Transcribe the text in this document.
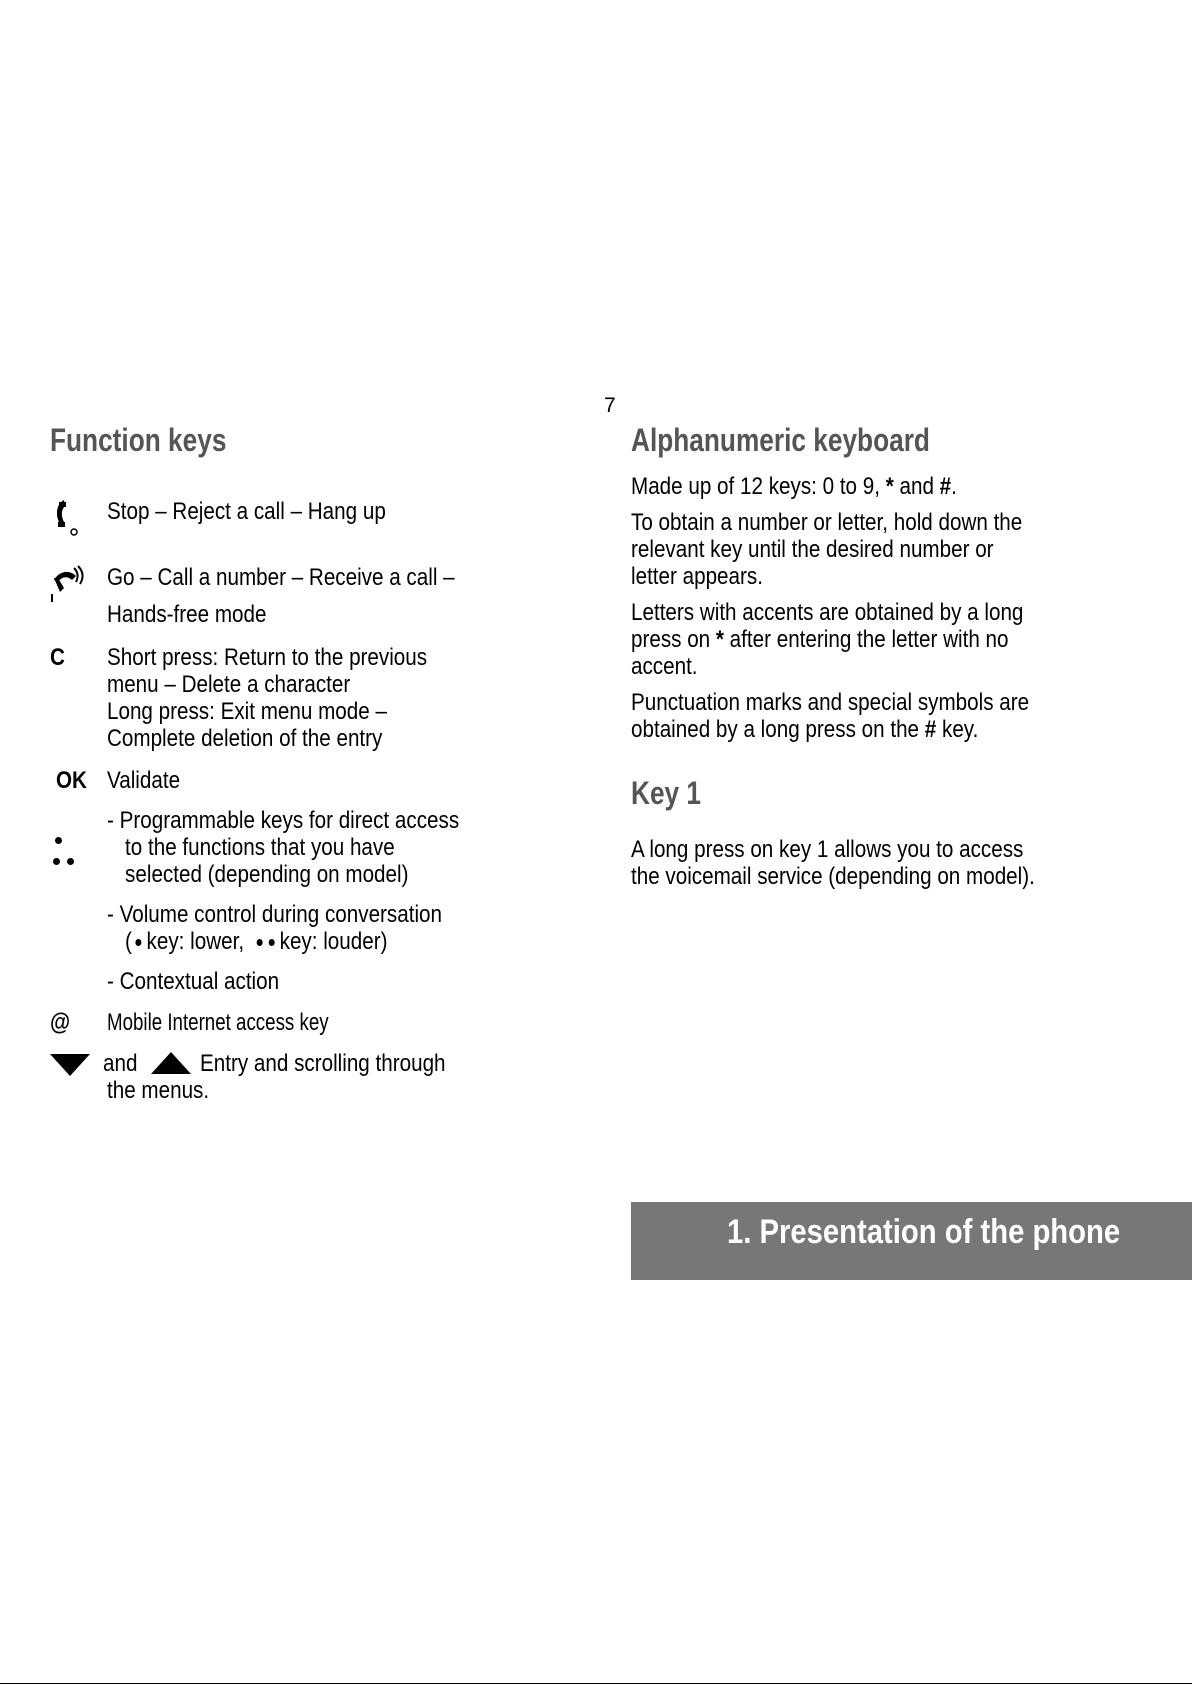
7
Function keys
Stop – Reject a call – Hang up
Go – Call a number – Receive a call –
Hands-free mode
C	Short press: Return to the previous
menu – Delete a character
Long press: Exit menu mode –
Complete deletion of the entry
OK Validate

- Programmable keys for direct access
to the functions that you have
selected (depending on model)
- Volume control during conversation
( key: lower, key: louder)
- Contextual action
@	Mobile Internet access key
and	Entry and scrolling through
the menus.
Alphanumeric keyboard
Made up of 12 keys: 0 to 9, * and #.
To obtain a number or letter, hold down the
relevant key until the desired number or
letter appears.
Letters with accents are obtained by a long
press on * after entering the letter with no
accent.
Punctuation marks and special symbols are
obtained by a long press on the # key.
Key 1
A long press on key 1 allows you to access
the voicemail service (depending on model).
1. Presentation of the phone
